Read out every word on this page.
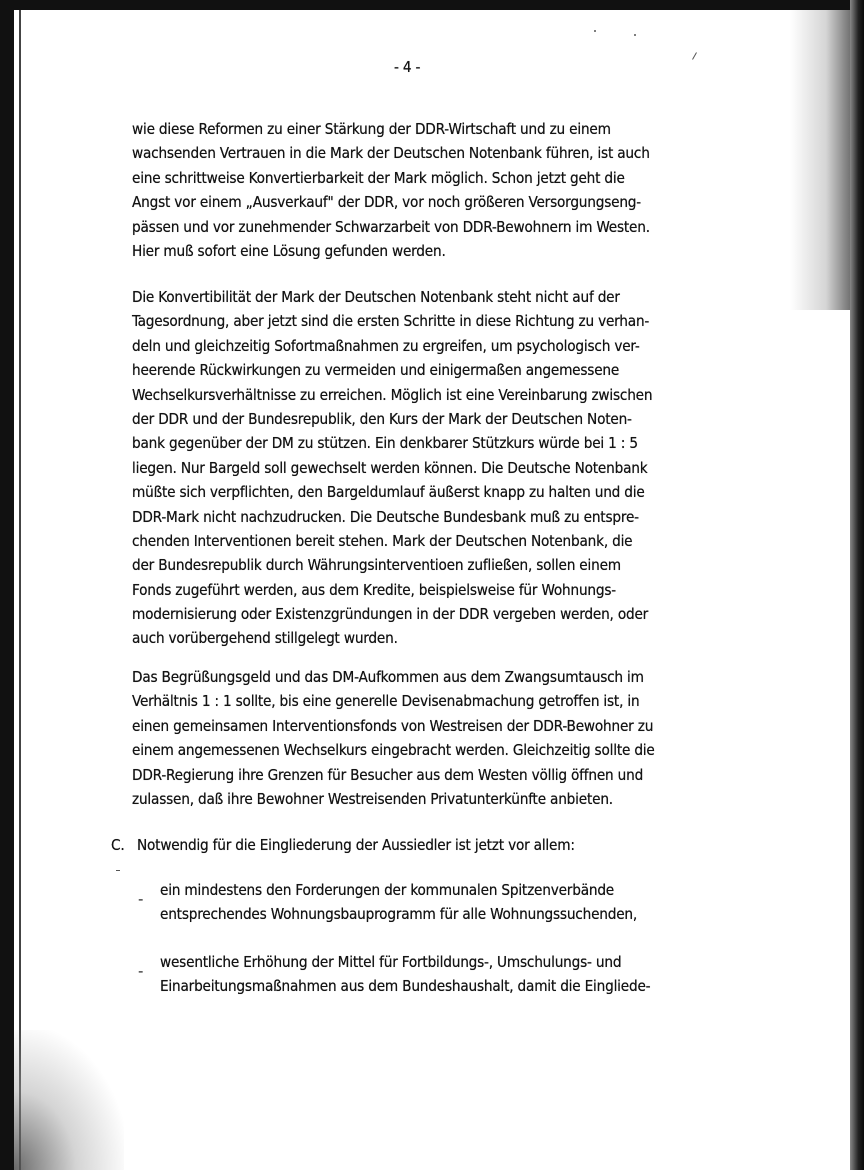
- 4 -
wie diese Reformen zu einer Stärkung der DDR-Wirtschaft und zu einem
wachsenden Vertrauen in die Mark der Deutschen Notenbank führen, ist auch
eine schrittweise Konvertierbarkeit der Mark möglich. Schon jetzt geht die
Angst vor einem „Ausverkauf" der DDR, vor noch größeren Versorgungseng-
pässen und vor zunehmender Schwarzarbeit von DDR-Bewohnern im Westen.
Hier muß sofort eine Lösung gefunden werden.
Die Konvertibilität der Mark der Deutschen Notenbank steht nicht auf der
Tagesordnung, aber jetzt sind die ersten Schritte in diese Richtung zu verhan-
deln und gleichzeitig Sofortmaßnahmen zu ergreifen, um psychologisch ver-
heerende Rückwirkungen zu vermeiden und einigermaßen angemessene
Wechselkursverhältnisse zu erreichen. Möglich ist eine Vereinbarung zwischen
der DDR und der Bundesrepublik, den Kurs der Mark der Deutschen Noten-
bank gegenüber der DM zu stützen. Ein denkbarer Stützkurs würde bei 1 : 5
liegen. Nur Bargeld soll gewechselt werden können. Die Deutsche Notenbank
müßte sich verpflichten, den Bargeldumlauf äußerst knapp zu halten und die
DDR-Mark nicht nachzudrucken. Die Deutsche Bundesbank muß zu entspre-
chenden Interventionen bereit stehen. Mark der Deutschen Notenbank, die
der Bundesrepublik durch Währungsinterventioen zufließen, sollen einem
Fonds zugeführt werden, aus dem Kredite, beispielsweise für Wohnungs-
modernisierung oder Existenzgründungen in der DDR vergeben werden, oder
auch vorübergehend stillgelegt wurden.
Das Begrüßungsgeld und das DM-Aufkommen aus dem Zwangsumtausch im
Verhältnis 1 : 1 sollte, bis eine generelle Devisenabmachung getroffen ist, in
einen gemeinsamen Interventionsfonds von Westreisen der DDR-Bewohner zu
einem angemessenen Wechselkurs eingebracht werden. Gleichzeitig sollte die
DDR-Regierung ihre Grenzen für Besucher aus dem Westen völlig öffnen und
zulassen, daß ihre Bewohner Westreisenden Privatunterkünfte anbieten.
C. Notwendig für die Eingliederung der Aussiedler ist jetzt vor allem:
- ein mindestens den Forderungen der kommunalen Spitzenverbände
entsprechendes Wohnungsbauprogramm für alle Wohnungssuchenden,
- wesentliche Erhöhung der Mittel für Fortbildungs-, Umschulungs- und
Einarbeitungsmaßnahmen aus dem Bundeshaushalt, damit die Eingliede-
